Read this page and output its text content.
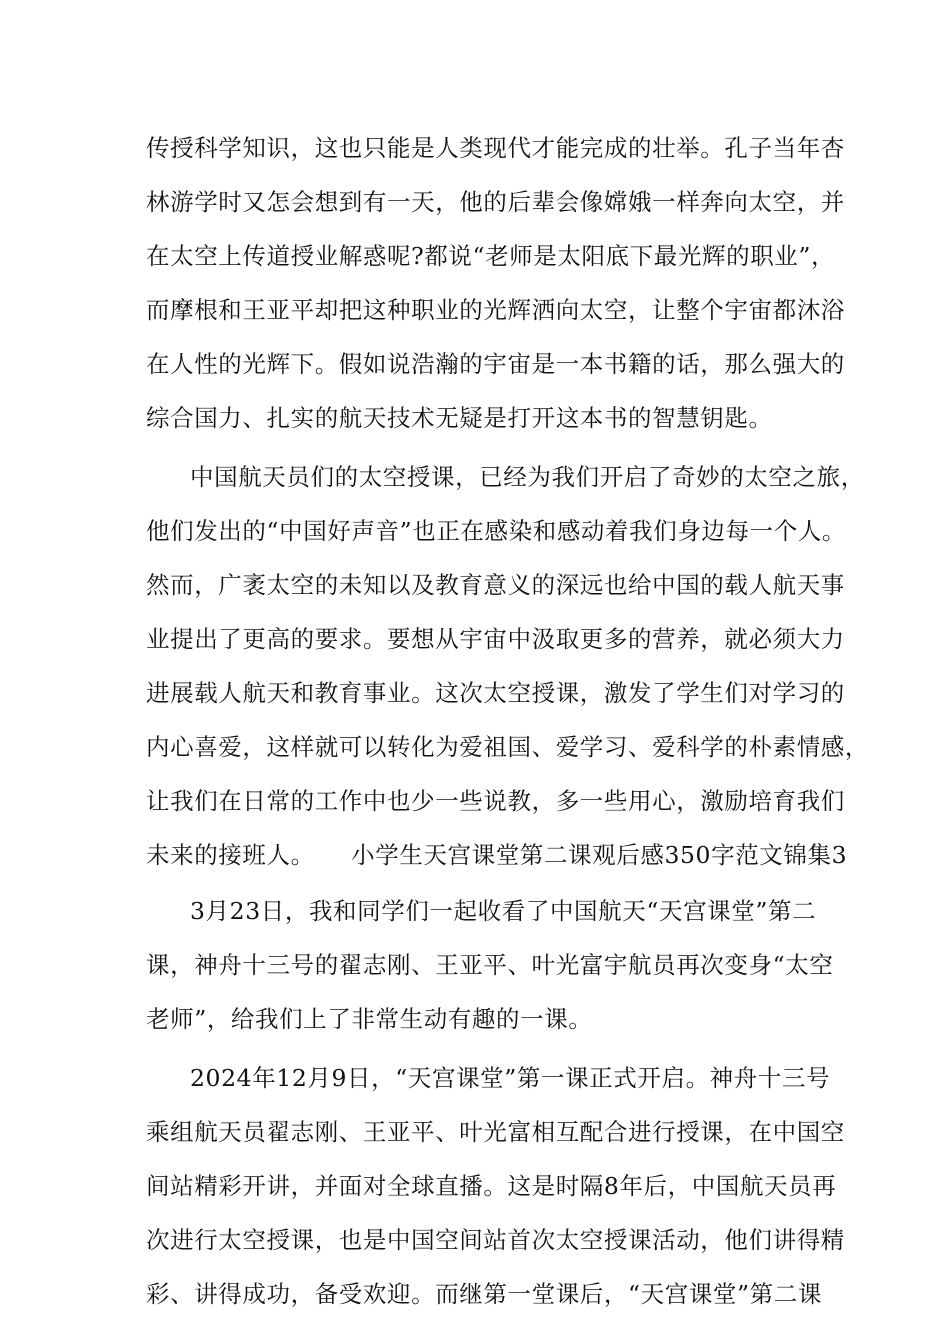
传授科学知识，这也只能是人类现代才能完成的壮举。孔子当年杏
林游学时又怎会想到有一天，他的后辈会像嫦娥一样奔向太空，并
在太空上传道授业解惑呢?都说“老师是太阳底下最光辉的职业”，
而摩根和王亚平却把这种职业的光辉洒向太空，让整个宇宙都沐浴
在人性的光辉下。假如说浩瀚的宇宙是一本书籍的话，那么强大的
综合国力、扎实的航天技术无疑是打开这本书的智慧钥匙。
中国航天员们的太空授课，已经为我们开启了奇妙的太空之旅，
他们发出的“中国好声音”也正在感染和感动着我们身边每一个人。
然而，广袤太空的未知以及教育意义的深远也给中国的载人航天事
业提出了更高的要求。要想从宇宙中汲取更多的营养，就必须大力
进展载人航天和教育事业。这次太空授课，激发了学生们对学习的
内心喜爱，这样就可以转化为爱祖国、爱学习、爱科学的朴素情感，
让我们在日常的工作中也少一些说教，多一些用心，激励培育我们
未来的接班人。　　小学生天宫课堂第二课观后感350字范文锦集3
3月23日，我和同学们一起收看了中国航天“天宫课堂”第二
课，神舟十三号的翟志刚、王亚平、叶光富宇航员再次变身“太空
老师”，给我们上了非常生动有趣的一课。
2024年12月9日，“天宫课堂”第一课正式开启。神舟十三号
乘组航天员翟志刚、王亚平、叶光富相互配合进行授课，在中国空
间站精彩开讲，并面对全球直播。这是时隔8年后，中国航天员再
次进行太空授课，也是中国空间站首次太空授课活动，他们讲得精
彩、讲得成功，备受欢迎。而继第一堂课后，“天宫课堂”第二课
